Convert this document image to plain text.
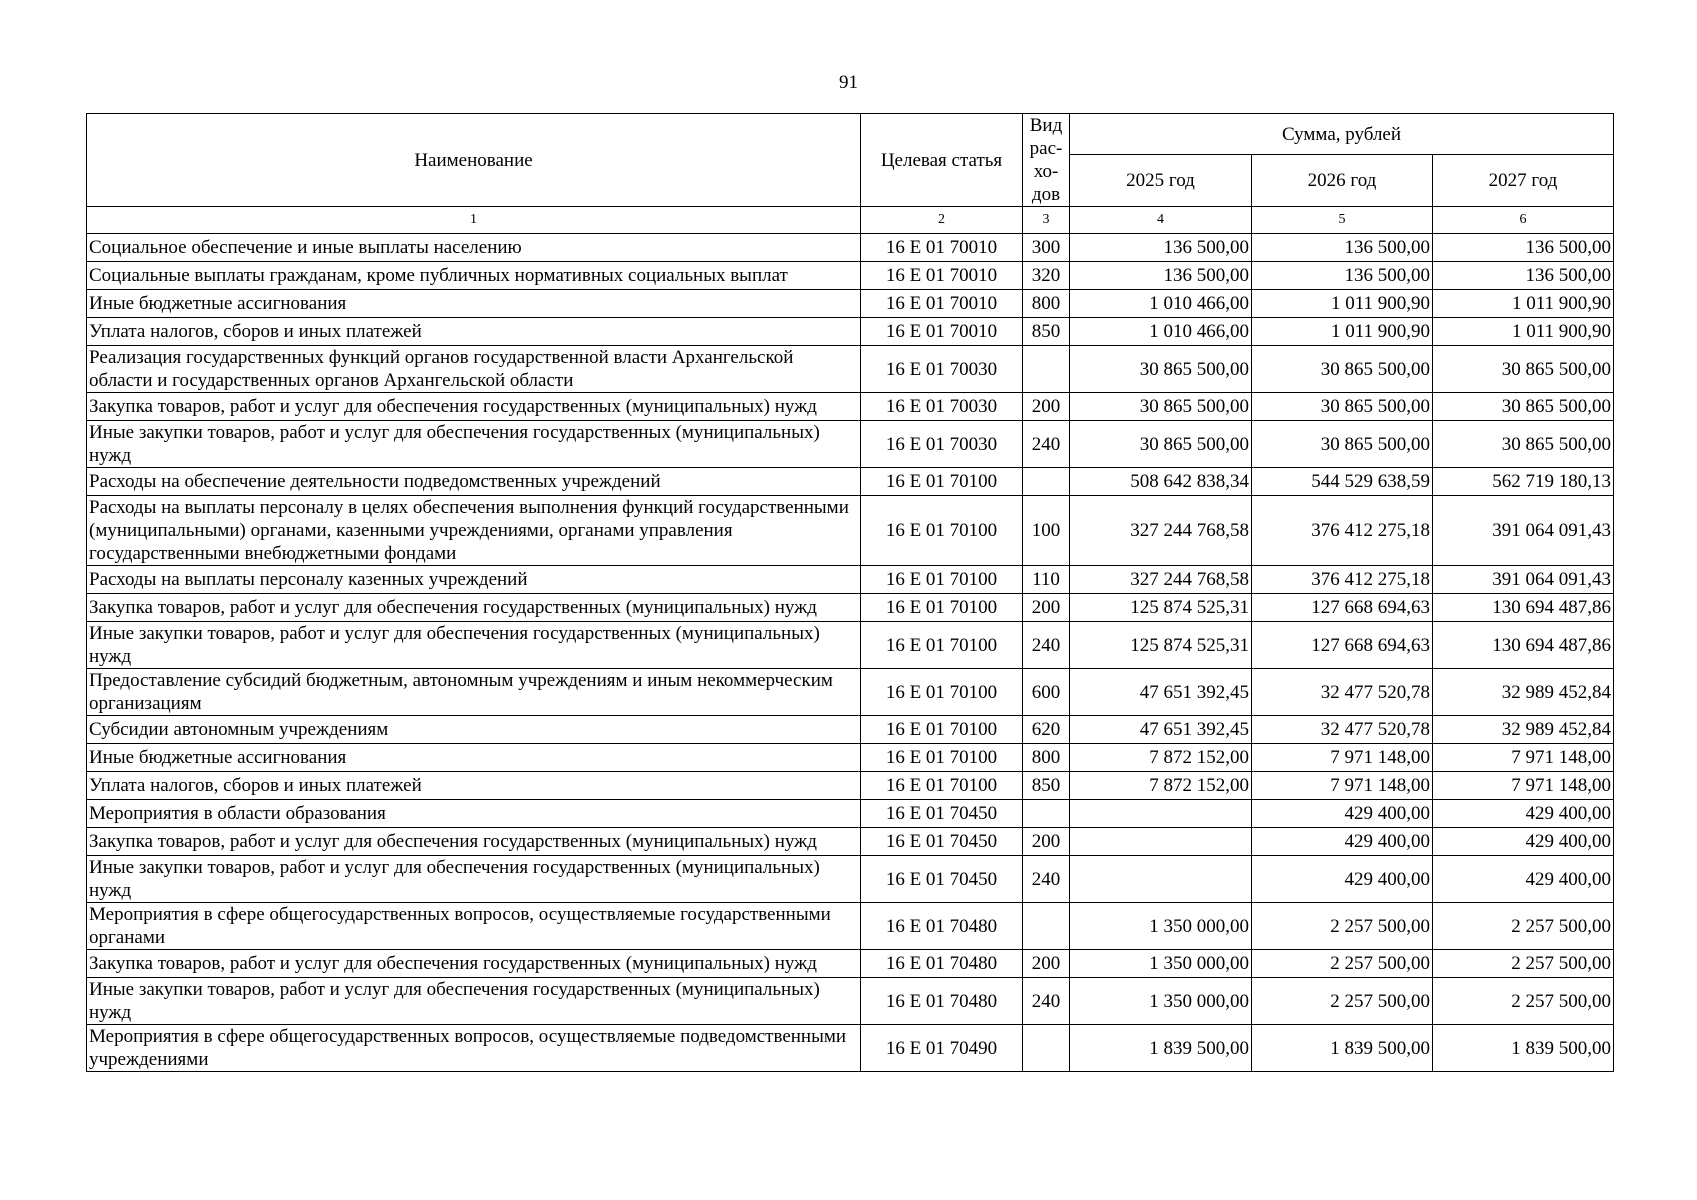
91
Наименование	Целевая статья	Вид рас- хо- дов	Сумма, рублей		
			2025 год	2026 год	2027 год
1	2	3	4	5	6
Социальное обеспечение и иные выплаты населению	16 Е 01 70010	300	136 500,00	136 500,00	136 500,00
Социальные выплаты гражданам, кроме публичных нормативных социальных выплат	16 Е 01 70010	320	136 500,00	136 500,00	136 500,00
Иные бюджетные ассигнования	16 Е 01 70010	800	1 010 466,00	1 011 900,90	1 011 900,90
Уплата налогов, сборов и иных платежей	16 Е 01 70010	850	1 010 466,00	1 011 900,90	1 011 900,90
Реализация государственных функций органов государственной власти Архангельской области и государственных органов Архангельской области	16 Е 01 70030		30 865 500,00	30 865 500,00	30 865 500,00
Закупка товаров, работ и услуг для обеспечения государственных (муниципальных) нужд	16 Е 01 70030	200	30 865 500,00	30 865 500,00	30 865 500,00
Иные закупки товаров, работ и услуг для обеспечения государственных (муниципальных) нужд	16 Е 01 70030	240	30 865 500,00	30 865 500,00	30 865 500,00
Расходы на обеспечение деятельности подведомственных учреждений	16 Е 01 70100		508 642 838,34	544 529 638,59	562 719 180,13
Расходы на выплаты персоналу в целях обеспечения выполнения функций государственными (муниципальными) органами, казенными учреждениями, органами управления государственными внебюджетными фондами	16 Е 01 70100	100	327 244 768,58	376 412 275,18	391 064 091,43
Расходы на выплаты персоналу казенных учреждений	16 Е 01 70100	110	327 244 768,58	376 412 275,18	391 064 091,43
Закупка товаров, работ и услуг для обеспечения государственных (муниципальных) нужд	16 Е 01 70100	200	125 874 525,31	127 668 694,63	130 694 487,86
Иные закупки товаров, работ и услуг для обеспечения государственных (муниципальных) нужд	16 Е 01 70100	240	125 874 525,31	127 668 694,63	130 694 487,86
Предоставление субсидий бюджетным, автономным учреждениям и иным некоммерческим организациям	16 Е 01 70100	600	47 651 392,45	32 477 520,78	32 989 452,84
Субсидии автономным учреждениям	16 Е 01 70100	620	47 651 392,45	32 477 520,78	32 989 452,84
Иные бюджетные ассигнования	16 Е 01 70100	800	7 872 152,00	7 971 148,00	7 971 148,00
Уплата налогов, сборов и иных платежей	16 Е 01 70100	850	7 872 152,00	7 971 148,00	7 971 148,00
Мероприятия в области образования	16 Е 01 70450			429 400,00	429 400,00
Закупка товаров, работ и услуг для обеспечения государственных (муниципальных) нужд	16 Е 01 70450	200		429 400,00	429 400,00
Иные закупки товаров, работ и услуг для обеспечения государственных (муниципальных) нужд	16 Е 01 70450	240		429 400,00	429 400,00
Мероприятия в сфере общегосударственных вопросов, осуществляемые государственными органами	16 Е 01 70480		1 350 000,00	2 257 500,00	2 257 500,00
Закупка товаров, работ и услуг для обеспечения государственных (муниципальных) нужд	16 Е 01 70480	200	1 350 000,00	2 257 500,00	2 257 500,00
Иные закупки товаров, работ и услуг для обеспечения государственных (муниципальных) нужд	16 Е 01 70480	240	1 350 000,00	2 257 500,00	2 257 500,00
Мероприятия в сфере общегосударственных вопросов, осуществляемые подведомственными учреждениями	16 Е 01 70490		1 839 500,00	1 839 500,00	1 839 500,00
